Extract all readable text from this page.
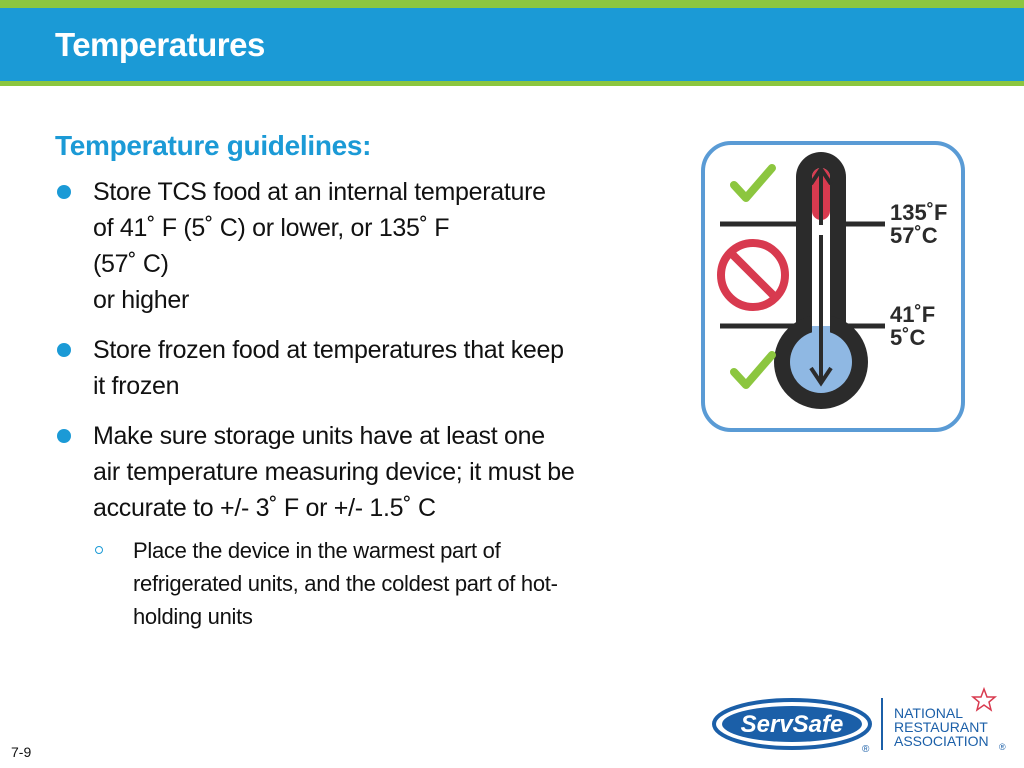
Temperatures
Temperature guidelines:
Store TCS food at an internal temperature
of 41˚ F (5˚ C) or lower, or 135˚ F
(57˚ C)
or higher
Store frozen food at temperatures that keep
it frozen
Make sure storage units have at least one
air temperature measuring device; it must be
accurate to +/- 3˚ F or +/- 1.5˚ C
Place the device in the warmest part of
refrigerated units, and the coldest part of hot-
holding units
135˚F
57˚C
41˚F
5˚C
ServSafe
®
NATIONAL
RESTAURANT
ASSOCIATION ®
7-9
